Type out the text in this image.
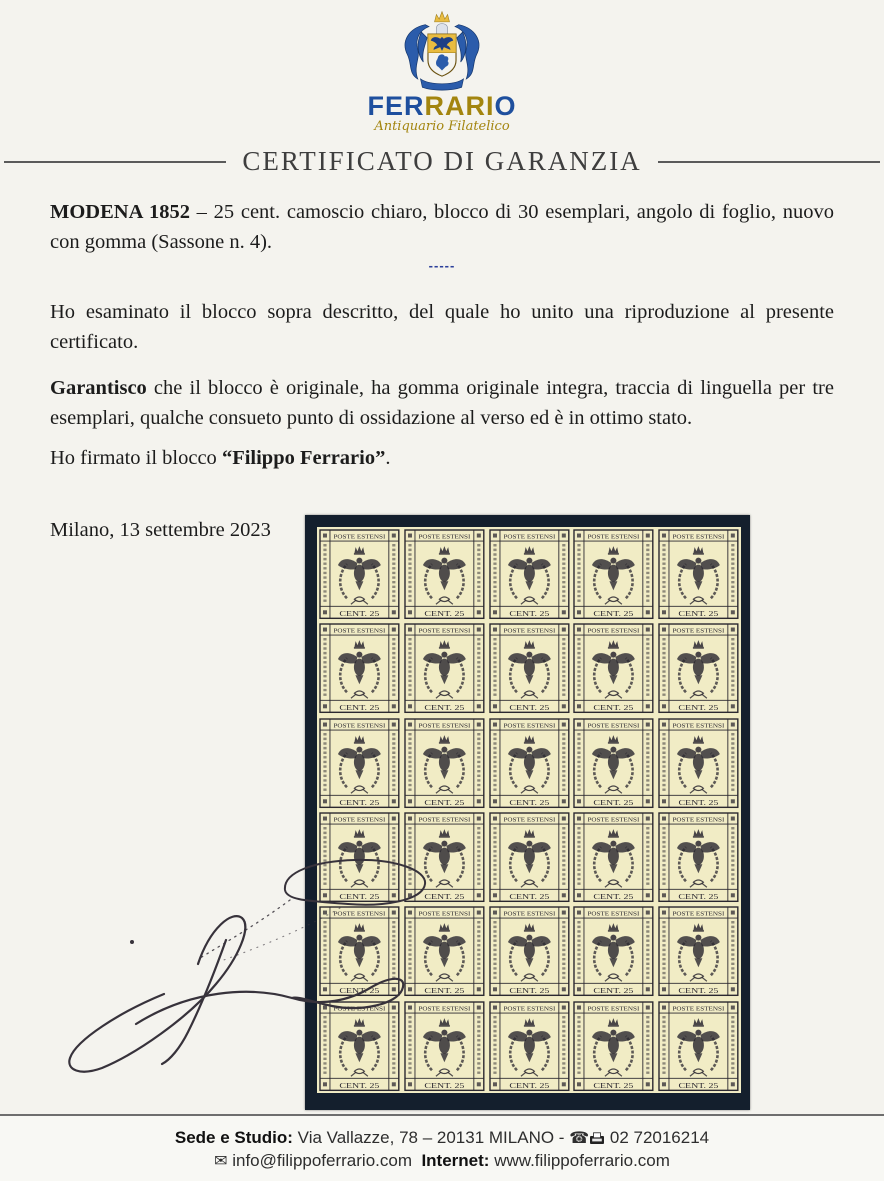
FERRARIO
Antiquario Filatelico
CERTIFICATO DI GARANZIA

MODENA 1852 – 25 cent. camoscio chiaro, blocco di 30 esemplari, angolo di foglio, nuovo con gomma (Sassone n. 4).

-----

Ho esaminato il blocco sopra descritto, del quale ho unito una riproduzione al presente certificato.

Garantisco che il blocco è originale, ha gomma originale integra, traccia di linguella per tre esemplari, qualche consueto punto di ossidazione al verso ed è in ottimo stato.

Ho firmato il blocco “Filippo Ferrario”.

Milano, 13 settembre 2023	POSTE ESTENSI
CENT. 25
POSTE ESTENSI
CENT. 25
POSTE ESTENSI
CENT. 25
POSTE ESTENSI
CENT. 25
POSTE ESTENSI
CENT. 25
POSTE ESTENSI
CENT. 25
POSTE ESTENSI
CENT. 25
POSTE ESTENSI
CENT. 25
POSTE ESTENSI
CENT. 25
POSTE ESTENSI
CENT. 25
POSTE ESTENSI
CENT. 25
POSTE ESTENSI
CENT. 25
POSTE ESTENSI
CENT. 25
POSTE ESTENSI
CENT. 25
POSTE ESTENSI
CENT. 25
POSTE ESTENSI
CENT. 25
POSTE ESTENSI
CENT. 25
POSTE ESTENSI
CENT. 25
POSTE ESTENSI
CENT. 25
POSTE ESTENSI
CENT. 25
POSTE ESTENSI
CENT. 25
POSTE ESTENSI
CENT. 25
POSTE ESTENSI
CENT. 25
POSTE ESTENSI
CENT. 25
POSTE ESTENSI
CENT. 25
POSTE ESTENSI
CENT. 25
POSTE ESTENSI
CENT. 25
POSTE ESTENSI
CENT. 25
POSTE ESTENSI
CENT. 25
POSTE ESTENSI
CENT. 25
Sede e Studio: Via Vallazze, 78 – 20131 MILANO - ☎ 02 72016214
✉ info@filippoferrario.com Internet: www.filippoferrario.com
